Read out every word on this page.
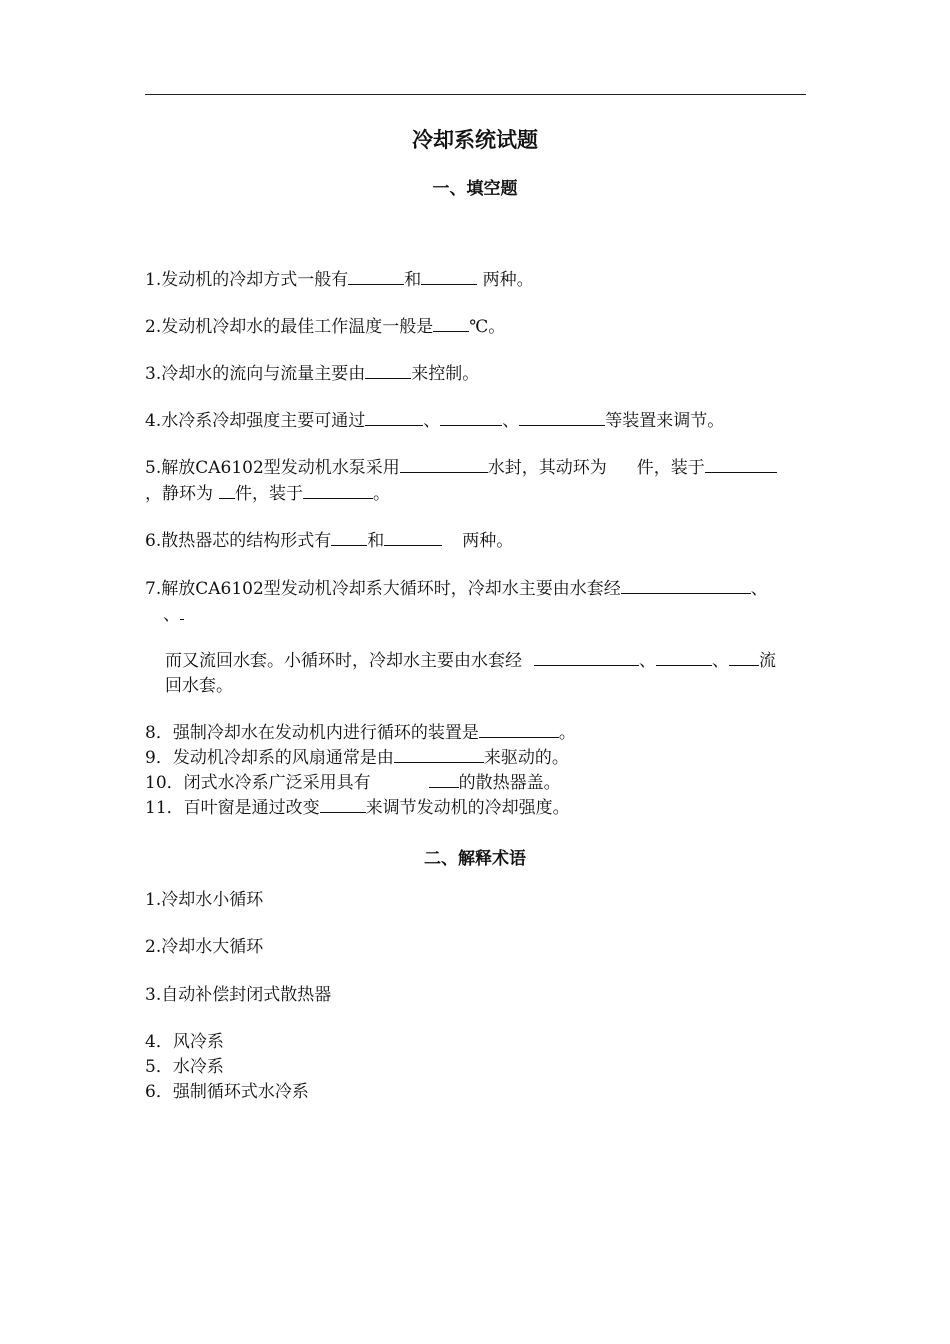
冷却系统试题
一、填空题
1.发动机的冷却方式一般有	和	两种。
2.发动机冷却水的最佳工作温度一般是 ℃。
3.冷却水的流向与流量主要由	来控制。
4.水冷系冷却强度主要可通过	、	、	等装置来调节。
5.解放CA6102型发动机水泵采用	水封，其动环为 件，装于
，静环为 件，装于	。
6.散热器芯的结构形式有 和	两种。
7.解放CA6102型发动机冷却系大循环时，冷却水主要由水套经	、
、
而又流回水套。小循环时，冷却水主要由水套经	、	、 流
回水套。
8．强制冷却水在发动机内进行循环的装置是	。
9．发动机冷却系的风扇通常是由	来驱动的。
10．闭式水冷系广泛采用具有	的散热器盖。
11．百叶窗是通过改变	来调节发动机的冷却强度。
二、解释术语
1.冷却水小循环
2.冷却水大循环
3.自动补偿封闭式散热器
4．风冷系
5．水冷系
6．强制循环式水冷系
